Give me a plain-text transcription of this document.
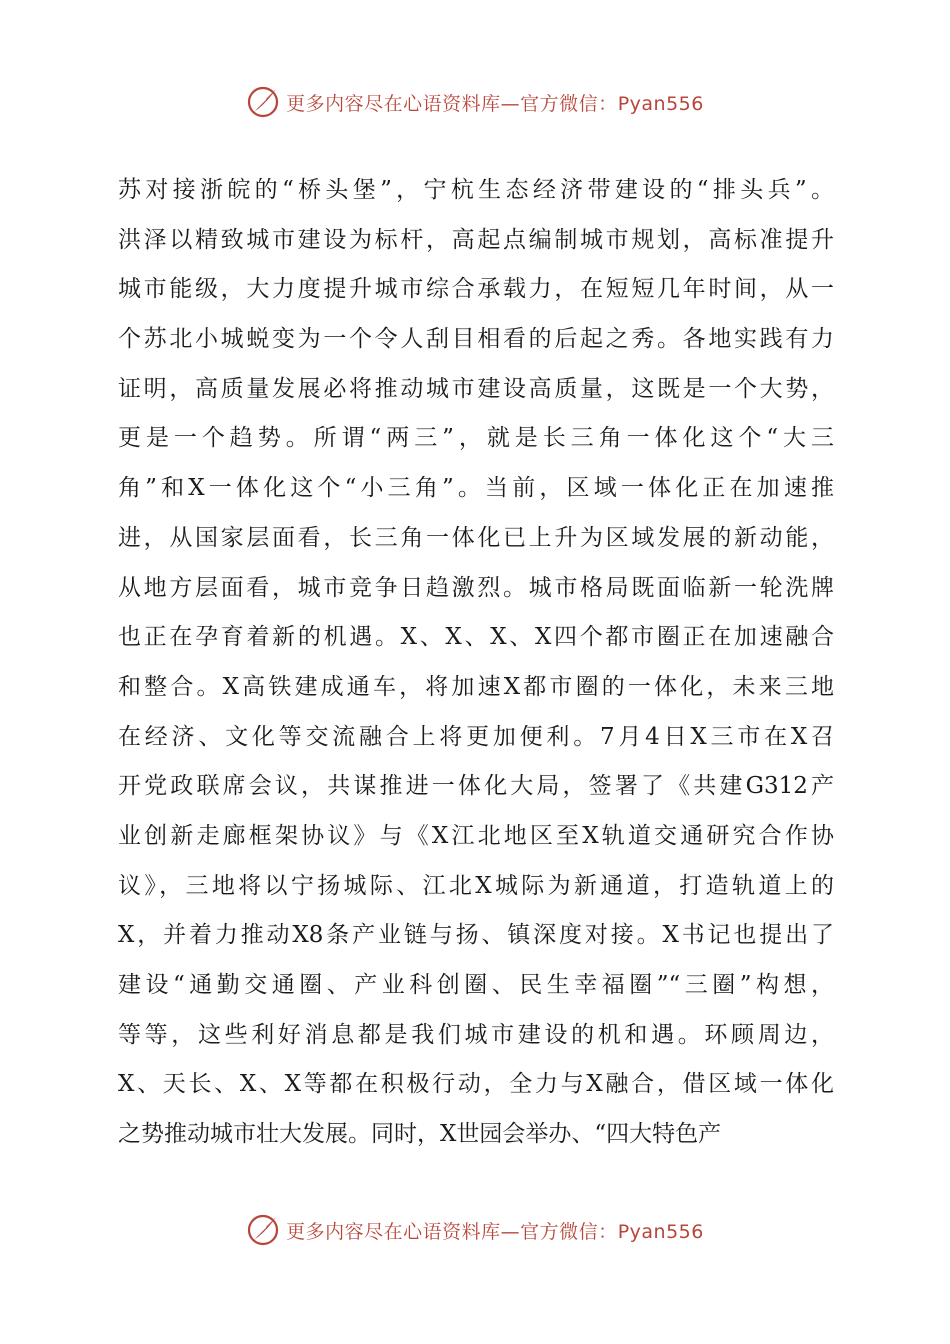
更多内容尽在心语资料库—官方微信：Pyan556
苏对接浙皖的“桥头堡”，宁杭生态经济带建设的“排头兵”。
洪泽以精致城市建设为标杆，高起点编制城市规划，高标准提升
城市能级，大力度提升城市综合承载力，在短短几年时间，从一
个苏北小城蜕变为一个令人刮目相看的后起之秀。各地实践有力
证明，高质量发展必将推动城市建设高质量，这既是一个大势，
更是一个趋势。所谓“两三”，就是长三角一体化这个“大三
角”和X一体化这个“小三角”。当前，区域一体化正在加速推
进，从国家层面看，长三角一体化已上升为区域发展的新动能，
从地方层面看，城市竞争日趋激烈。城市格局既面临新一轮洗牌
也正在孕育着新的机遇。X、X、X、X四个都市圈正在加速融合
和整合。X高铁建成通车，将加速X都市圈的一体化，未来三地
在经济、文化等交流融合上将更加便利。7月4日X三市在X召
开党政联席会议，共谋推进一体化大局，签署了《共建G312产
业创新走廊框架协议》与《X江北地区至X轨道交通研究合作协
议》，三地将以宁扬城际、江北X城际为新通道，打造轨道上的
X，并着力推动X8条产业链与扬、镇深度对接。X书记也提出了
建设“通勤交通圈、产业科创圈、民生幸福圈”“三圈”构想，
等等，这些利好消息都是我们城市建设的机和遇。环顾周边，
X、天长、X、X等都在积极行动，全力与X融合，借区域一体化
之势推动城市壮大发展。同时，X世园会举办、“四大特色产
更多内容尽在心语资料库—官方微信：Pyan556
